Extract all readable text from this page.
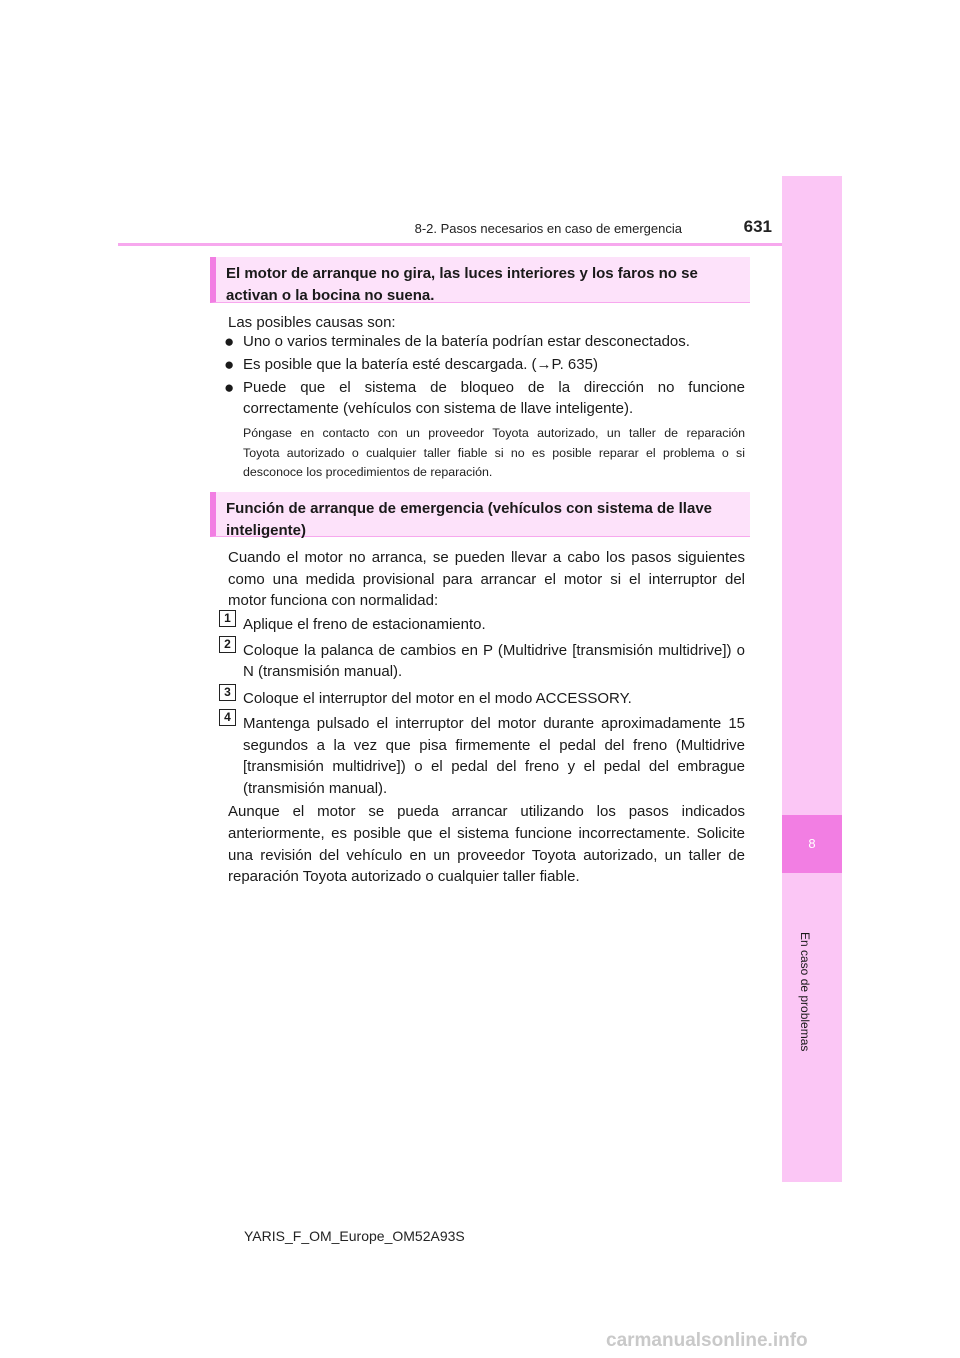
8
En caso de problemas
8-2. Pasos necesarios en caso de emergencia	631
El motor de arranque no gira, las luces interiores y los faros no se
activan o la bocina no suena.
Las posibles causas son:
● Uno o varios terminales de la batería podrían estar desconectados.
● Es posible que la batería esté descargada. (→P. 635)
● Puede que el sistema de bloqueo de la dirección no funcione
correctamente (vehículos con sistema de llave inteligente).
Póngase en contacto con un proveedor Toyota autorizado, un taller de reparación
Toyota autorizado o cualquier taller fiable si no es posible reparar el problema o si
desconoce los procedimientos de reparación.
Función de arranque de emergencia (vehículos con sistema de llave
inteligente)
Cuando el motor no arranca, se pueden llevar a cabo los pasos siguientes
como una medida provisional para arrancar el motor si el interruptor del
motor funciona con normalidad:
1 Aplique el freno de estacionamiento.
2 Coloque la palanca de cambios en P (Multidrive [transmisión multidrive]) o
N (transmisión manual).
3 Coloque el interruptor del motor en el modo ACCESSORY.
4 Mantenga pulsado el interruptor del motor durante aproximadamente 15
segundos a la vez que pisa firmemente el pedal del freno (Multidrive
[transmisión multidrive]) o el pedal del freno y el pedal del embrague
(transmisión manual).
Aunque el motor se pueda arrancar utilizando los pasos indicados
anteriormente, es posible que el sistema funcione incorrectamente. Solicite
una revisión del vehículo en un proveedor Toyota autorizado, un taller de
reparación Toyota autorizado o cualquier taller fiable.
YARIS_F_OM_Europe_OM52A93S
carmanualsonline.info
